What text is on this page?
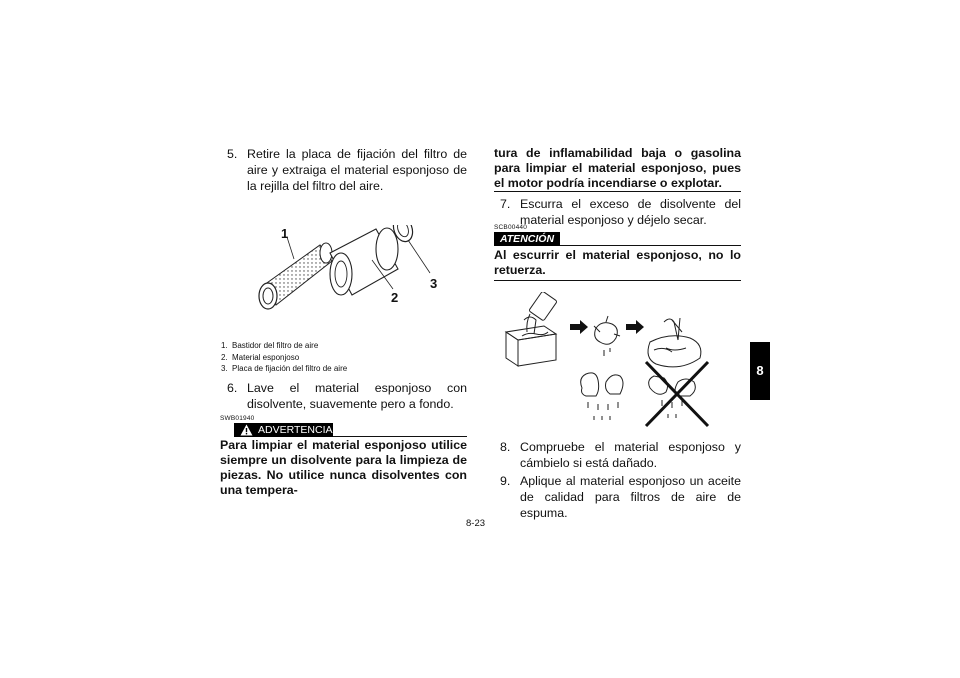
5. Retire la placa de fijación del filtro de aire y extraiga el material esponjoso de la rejilla del filtro del aire.
1
2
3
1. Bastidor del filtro de aire
2. Material esponjoso
3. Placa de fijación del filtro de aire
6. Lave el material esponjoso con disolvente, suavemente pero a fondo.
SWB01940
ADVERTENCIA
Para limpiar el material esponjoso utilice siempre un disolvente para la limpieza de piezas. No utilice nunca disolventes con una tempera-
tura de inflamabilidad baja o gasolina para limpiar el material esponjoso, pues el motor podría incendiarse o explotar.
7. Escurra el exceso de disolvente del material esponjoso y déjelo secar.
SCB00440
ATENCIÓN
Al escurrir el material esponjoso, no lo retuerza.
8. Compruebe el material esponjoso y cámbielo si está dañado.
9. Aplique al material esponjoso un aceite de calidad para filtros de aire de espuma.
8
8-23
